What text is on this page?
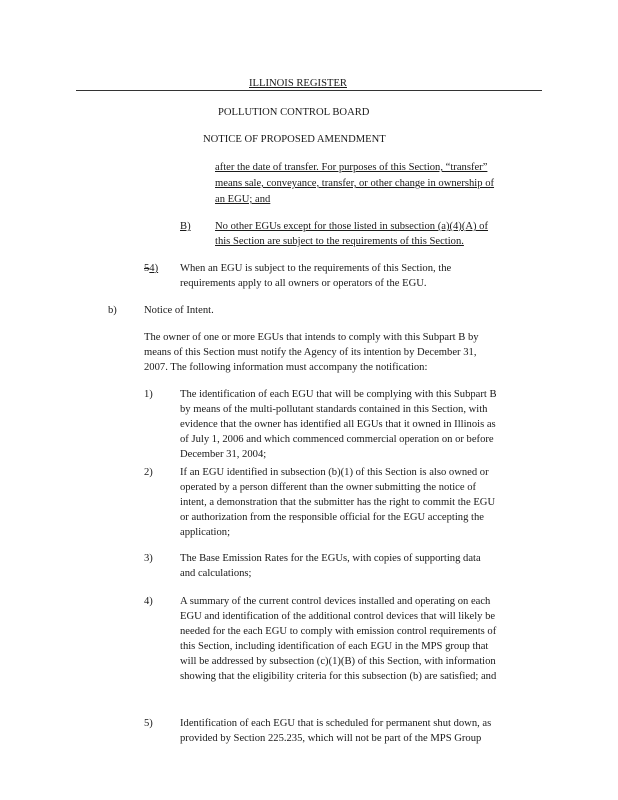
ILLINOIS REGISTER
POLLUTION CONTROL BOARD
NOTICE OF PROPOSED AMENDMENT
after the date of transfer. For purposes of this Section, “transfer”
means sale, conveyance, transfer, or other change in ownership of
an EGU; and
B) No other EGUs except for those listed in subsection (a)(4)(A) of
this Section are subject to the requirements of this Section.
54) When an EGU is subject to the requirements of this Section, the
requirements apply to all owners or operators of the EGU.
b)	Notice of Intent.
The owner of one or more EGUs that intends to comply with this Subpart B by
means of this Section must notify the Agency of its intention by December 31,
2007. The following information must accompany the notification:
1)	The identification of each EGU that will be complying with this Subpart B
by means of the multi-pollutant standards contained in this Section, with
evidence that the owner has identified all EGUs that it owned in Illinois as
of July 1, 2006 and which commenced commercial operation on or before
December 31, 2004;
2)	If an EGU identified in subsection (b)(1) of this Section is also owned or
operated by a person different than the owner submitting the notice of
intent, a demonstration that the submitter has the right to commit the EGU
or authorization from the responsible official for the EGU accepting the
application;
3)	The Base Emission Rates for the EGUs, with copies of supporting data
and calculations;
4)	A summary of the current control devices installed and operating on each
EGU and identification of the additional control devices that will likely be
needed for the each EGU to comply with emission control requirements of
this Section, including identification of each EGU in the MPS group that
will be addressed by subsection (c)(1)(B) of this Section, with information
showing that the eligibility criteria for this subsection (b) are satisfied; and
5)	Identification of each EGU that is scheduled for permanent shut down, as
provided by Section 225.235, which will not be part of the MPS Group
